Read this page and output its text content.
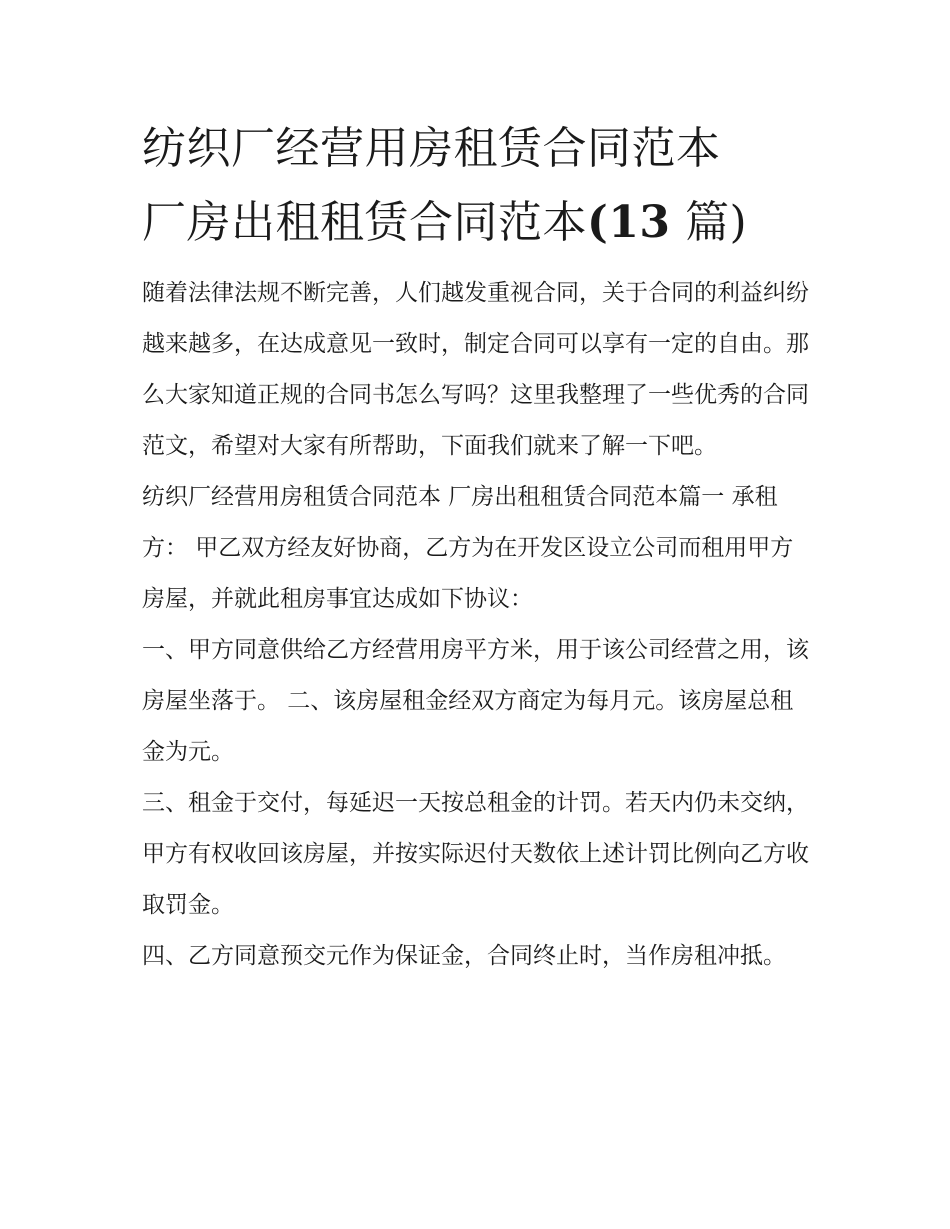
纺织厂经营用房租赁合同范本
厂房出租租赁合同范本(13 篇)

随着法律法规不断完善，人们越发重视合同，关于合同的利益纠纷越来越多，在达成意见一致时，制定合同可以享有一定的自由。那么大家知道正规的合同书怎么写吗？这里我整理了一些优秀的合同范文，希望对大家有所帮助，下面我们就来了解一下吧。

纺织厂经营用房租赁合同范本 厂房出租租赁合同范本篇一 承租方： 甲乙双方经友好协商，乙方为在开发区设立公司而租用甲方房屋，并就此租房事宜达成如下协议：

一、甲方同意供给乙方经营用房平方米，用于该公司经营之用，该房屋坐落于。 二、该房屋租金经双方商定为每月元。该房屋总租金为元。

三、租金于交付，每延迟一天按总租金的计罚。若天内仍未交纳，甲方有权收回该房屋，并按实际迟付天数依上述计罚比例向乙方收取罚金。

四、乙方同意预交元作为保证金，合同终止时，当作房租冲抵。
